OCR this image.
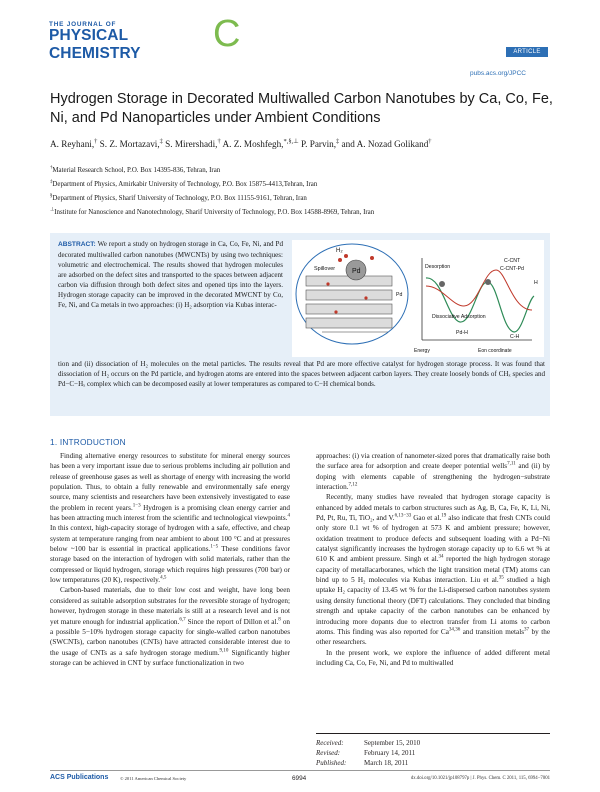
THE JOURNAL OF
PHYSICAL CHEMISTRY	C	ARTICLE
pubs.acs.org/JPCC
Hydrogen Storage in Decorated Multiwalled Carbon Nanotubes by Ca, Co, Fe, Ni, and Pd Nanoparticles under Ambient Conditions
A. Reyhani,† S. Z. Mortazavi,‡ S. Mirershadi,† A. Z. Moshfegh,*,§,⊥ P. Parvin,‡ and A. Nozad Golikand†
†Material Research School, P.O. Box 14395-836, Tehran, Iran
‡Department of Physics, Amirkabir University of Technology, P.O. Box 15875-4413,Tehran, Iran
§Department of Physics, Sharif University of Technology, P.O. Box 11155-9161, Tehran, Iran
⊥Institute for Nanoscience and Nanotechnology, Sharif University of Technology, P.O. Box 14588-8969, Tehran, Iran
ABSTRACT: We report a study on hydrogen storage in Ca, Co, Fe, Ni, and Pd decorated multiwalled carbon nanotubes (MWCNTs) by using two techniques: volumetric and electrochemical. The results showed that hydrogen molecules are adsorbed on the defect sites and transported to the spaces between adjacent carbon via diffusion through both defect sites and opened tips into the layers. Hydrogen storage capacity can be improved in the decorated MWCNT by Co, Fe, Ni, and Ca metals in two approaches: (i) H₂ adsorption via Kubas interac-
Pd
Spillover
H₂
Desorption
Dissociative Adsorption
C-CNT
C-CNT-Pd
Pd-H
C-H
H
Energy	Eon coordinate
Pd
tion and (ii) dissociation of H₂ molecules on the metal particles. The results reveal that Pd are more effective catalyst for hydrogen storage process. It was found that dissociation of H₂ occurs on the Pd particle, and hydrogen atoms are entered into the spaces between adjacent carbon layers. They create loosely bonds of CHₓ species and Pd−C−Hₓ complex which can be decomposed easily at lower temperatures as compared to C−H chemical bonds.
1. INTRODUCTION

Finding alternative energy resources to substitute for mineral energy sources has been a very important issue due to serious problems including air pollution and release of greenhouse gases as well as shortage of energy with increasing the world population. Thus, to obtain a fully renewable and environmentally safe energy source, many scientists and researchers have been extensively investigated to ease the problem in recent years.$^{1-3}$ Hydrogen is a promising clean energy carrier and has been attracting much interest from the scientific and technological viewpoints.$^4$ In this context, high-capacity storage of hydrogen with a safe, effective, and cheap system at temperature ranging from near ambient to about 100 °C and at pressures below ~100 bar is essential in practical applications.$^{1-5}$ These conditions favor storage based on the interaction of hydrogen with solid materials, rather than the compressed or liquid hydrogen, storage which requires high pressures (700 bar) or low temperatures (20 K), respectively.$^{4,5}$

Carbon-based materials, due to their low cost and weight, have long been considered as suitable adsorption substrates for the reversible storage of hydrogen; however, hydrogen storage in these materials is still at a research level and is not yet mature enough for industrial application.$^{6,7}$ Since the report of Dillon et al.$^8$ on a possible 5−10% hydrogen storage capacity for single-walled carbon nanotubes (SWCNTs), carbon nanotubes (CNTs) have attracted considerable interest due to the usage of CNTs as a safe hydrogen storage medium.$^{9,10}$ Significantly higher storage can be achieved in CNT by surface functionalization in two

approaches: (i) via creation of nanometer-sized pores that dramatically raise both the surface area for adsorption and create deeper potential wells$^{7,11}$ and (ii) by doping with elements capable of strengthening the hydrogen−substrate interaction.$^{7,12}$

Recently, many studies have revealed that hydrogen storage capacity is enhanced by added metals to carbon structures such as Ag, B, Ca, Fe, K, Li, Ni, Pd, Pt, Ru, Ti, TiO₂, and V.$^{6,13-33}$ Gao et al.$^{19}$ also indicate that fresh CNTs could only store 0.1 wt % of hydrogen at 573 K and ambient pressure; however, oxidation treatment to produce defects and subsequent loading with a Pd−Ni catalyst significantly increases the hydrogen storage capacity up to 6.6 wt % at 610 K and ambient pressure. Singh et al.$^{34}$ reported the high hydrogen storage capacity of metallacarboranes, which the light transition metal (TM) atoms can bind up to 5 H₂ molecules via Kubas interaction. Liu et al.$^{35}$ studied a high uptake H₂ capacity of 13.45 wt % for the Li-dispersed carbon nanotubes system using density functional theory (DFT) calculations. They concluded that binding strength and uptake capacity of the carbon nanotubes can be enhanced by introducing more dopants due to electron transfer from Li atoms to carbon atoms. This finding was also reported for Ca$^{34,36}$ and transition metals$^{37}$ by the other researchers.

In the present work, we explore the influence of added different metal including Ca, Co, Fe, Ni, and Pd to multiwalled

Received:	September 15, 2010
Revised:	February 14, 2011
Published:	March 18, 2011
ACS Publications	© 2011 American Chemical Society	6994	dx.doi.org/10.1021/jp108797p | J. Phys. Chem. C 2011, 115, 6994−7001
